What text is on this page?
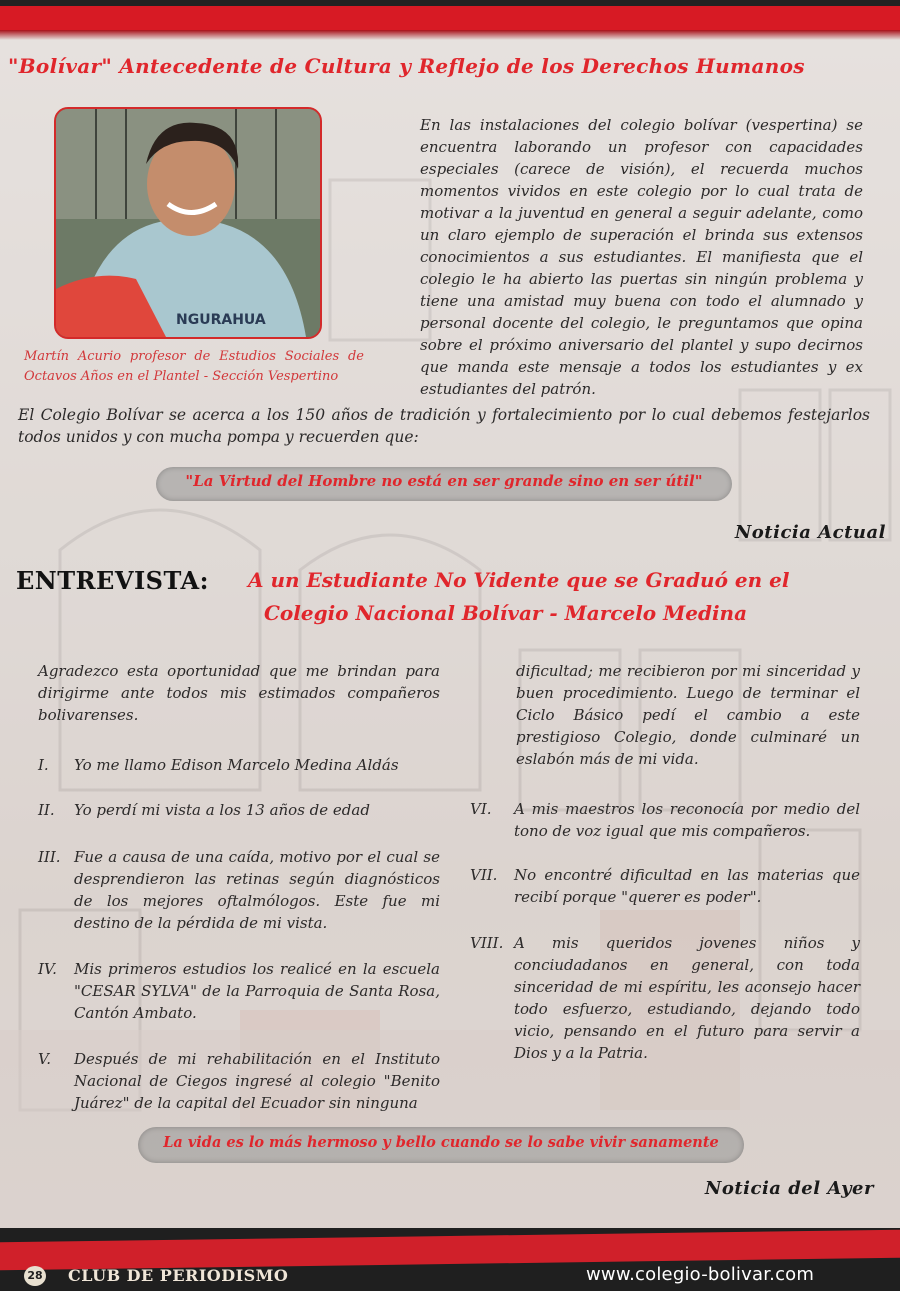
"Bolívar" Antecedente de Cultura y Reflejo de los Derechos Humanos
NGURAHUA
Martín Acurio profesor de Estudios Sociales de Octavos Años en el Plantel - Sección Vespertino
En las instalaciones del colegio bolívar (vespertina) se encuentra laborando un profesor con capacidades especiales (carece de visión), el recuerda muchos momentos vividos en este colegio por lo cual trata de motivar a la juventud en general a seguir adelante, como un claro ejemplo de superación el brinda sus extensos conocimientos a sus estudiantes. El manifiesta que el colegio le ha abierto las puertas sin ningún problema y tiene una amistad muy buena con todo el alumnado y personal docente del colegio, le preguntamos que opina sobre el próximo aniversario del plantel y supo decirnos que manda este mensaje a todos los estudiantes y ex estudiantes del patrón.
El Colegio Bolívar se acerca a los 150 años de tradición y fortalecimiento por lo cual debemos festejarlos todos unidos y con mucha pompa y recuerden que:
"La Virtud del Hombre no está en ser grande sino en ser útil"
Noticia Actual
ENTREVISTA: A un Estudiante No Vidente que se Graduó en el
Colegio Nacional Bolívar - Marcelo Medina
Agradezco esta oportunidad que me brindan para dirigirme ante todos mis estimados compañeros bolivarenses.
I.	Yo me llamo Edison Marcelo Medina Aldás
II.	Yo perdí mi vista a los 13 años de edad
III. Fue a causa de una caída, motivo por el cual se desprendieron las retinas según diagnósticos de los mejores oftalmólogos. Este fue mi destino de la pérdida de mi vista.
IV.	Mis primeros estudios los realicé en la escuela "CESAR SYLVA" de la Parroquia de Santa Rosa, Cantón Ambato.
V.	Después de mi rehabilitación en el Instituto Nacional de Ciegos ingresé al colegio "Benito Juárez" de la capital del Ecuador sin ninguna
dificultad; me recibieron por mi sinceridad y buen procedimiento. Luego de terminar el Ciclo Básico pedí el cambio a este prestigioso Colegio, donde culminaré un eslabón más de mi vida.
VI.	A mis maestros los reconocía por medio del tono de voz igual que mis compañeros.
VII.	No encontré dificultad en las materias que recibí porque "querer es poder".
VIII. A mis queridos jovenes niños y conciudadanos en general, con toda sinceridad de mi espíritu, les aconsejo hacer todo esfuerzo, estudiando, dejando todo vicio, pensando en el futuro para servir a Dios y a la Patria.
La vida es lo más hermoso y bello cuando se lo sabe vivir sanamente
Noticia del Ayer
28 CLUB DE PERIODISMO	www.colegio-bolivar.com
